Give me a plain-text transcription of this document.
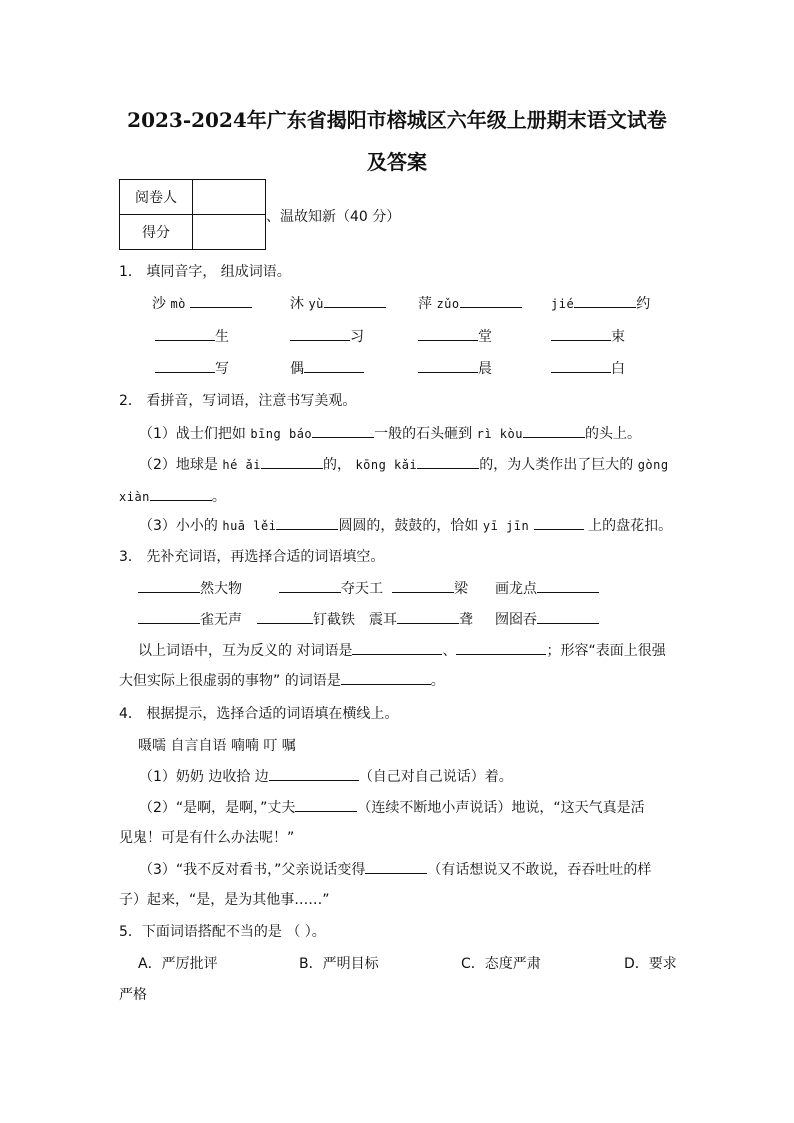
2023-2024年广东省揭阳市榕城区六年级上册期末语文试卷
及答案
阅卷人	
得分	
、温故知新（40 分）
1． 填同音字， 组成词语。
沙 mò	沐 yù	萍 zǔo	jié	约
生	习	堂	束
写	偶	晨	白
2． 看拼音，写词语，注意书写美观。
（1）战士们把如 bīng báo	一般的石头砸到 rì kòu	的头上。
（2）地球是 hé ǎi	的， kōng kǎi	的，为人类作出了巨大的 gòng
xiàn	。
（3）小小的 huā lěi	圆圆的，鼓鼓的，恰如 yī jīn	上的盘花扣。
3． 先补充词语，再选择合适的词语填空。
然大物	夺天工	梁 画龙点
雀无声	钉截铁 震耳	聋 囫囵吞
以上词语中，互为反义的 对词语是	、	；形容“表面上很强
大但实际上很虚弱的事物” 的词语是	。
4． 根据提示，选择合适的词语填在横线上。
嗫嚅 自言自语 喃喃 叮 嘱
（1）奶奶 边收拾 边	（自己对自己说话）着。
（2）“是啊，是啊，”丈夫	（连续不断地小声说话）地说，“这天气真是活
见鬼！可是有什么办法呢！”
（3）“我不反对看书，”父亲说话变得	（有话想说又不敢说，吞吞吐吐的样
子）起来，“是，是为其他事……”
5．下面词语搭配不当的是 （ ）。
A．严厉批评	B．严明目标	C．态度严肃	D．要求
严格
